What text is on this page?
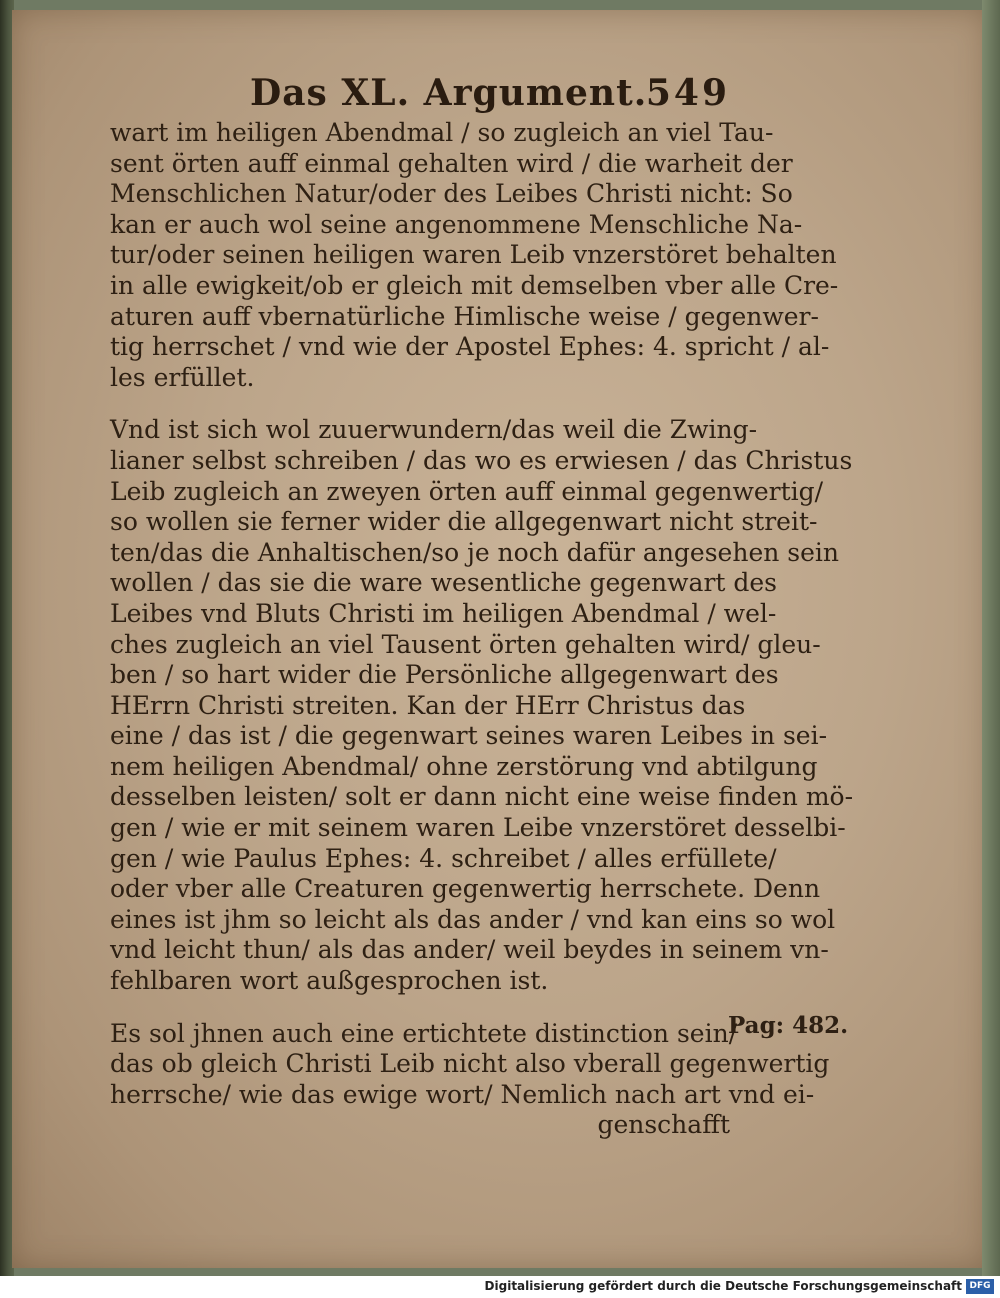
Das XL. Argument.
549
wart im heiligen Abendmal / so zugleich an viel Tau-
sent örten auff einmal gehalten wird / die warheit der
Menschlichen Natur/oder des Leibes Christi nicht: So
kan er auch wol seine angenommene Menschliche Na-
tur/oder seinen heiligen waren Leib vnzerstöret behalten
in alle ewigkeit/ob er gleich mit demselben vber alle Cre-
aturen auff vbernatürliche Himlische weise / gegenwer-
tig herrschet / vnd wie der Apostel Ephes: 4. spricht / al-
les erfüllet.
Vnd ist sich wol zuuerwundern/das weil die Zwing-
lianer selbst schreiben / das wo es erwiesen / das Christus
Leib zugleich an zweyen örten auff einmal gegenwertig/
so wollen sie ferner wider die allgegenwart nicht streit-
ten/das die Anhaltischen/so je noch dafür angesehen sein
wollen / das sie die ware wesentliche gegenwart des
Leibes vnd Bluts Christi im heiligen Abendmal / wel-
ches zugleich an viel Tausent örten gehalten wird/ gleu-
ben / so hart wider die Persönliche allgegenwart des
HErrn Christi streiten. Kan der HErr Christus das
eine / das ist / die gegenwart seines waren Leibes in sei-
nem heiligen Abendmal/ ohne zerstörung vnd abtilgung
desselben leisten/ solt er dann nicht eine weise finden mö-
gen / wie er mit seinem waren Leibe vnzerstöret desselbi-
gen / wie Paulus Ephes: 4. schreibet / alles erfüllete/
oder vber alle Creaturen gegenwertig herrschete. Denn
eines ist jhm so leicht als das ander / vnd kan eins so wol
vnd leicht thun/ als das ander/ weil beydes in seinem vn-
fehlbaren wort außgesprochen ist.
Es sol jhnen auch eine ertichtete distinction sein/
das ob gleich Christi Leib nicht also vberall gegenwertig
herrsche/ wie das ewige wort/ Nemlich nach art vnd ei-
genschafft
Pag: 482.
Digitalisierung gefördert durch die Deutsche Forschungsgemeinschaft DFG
